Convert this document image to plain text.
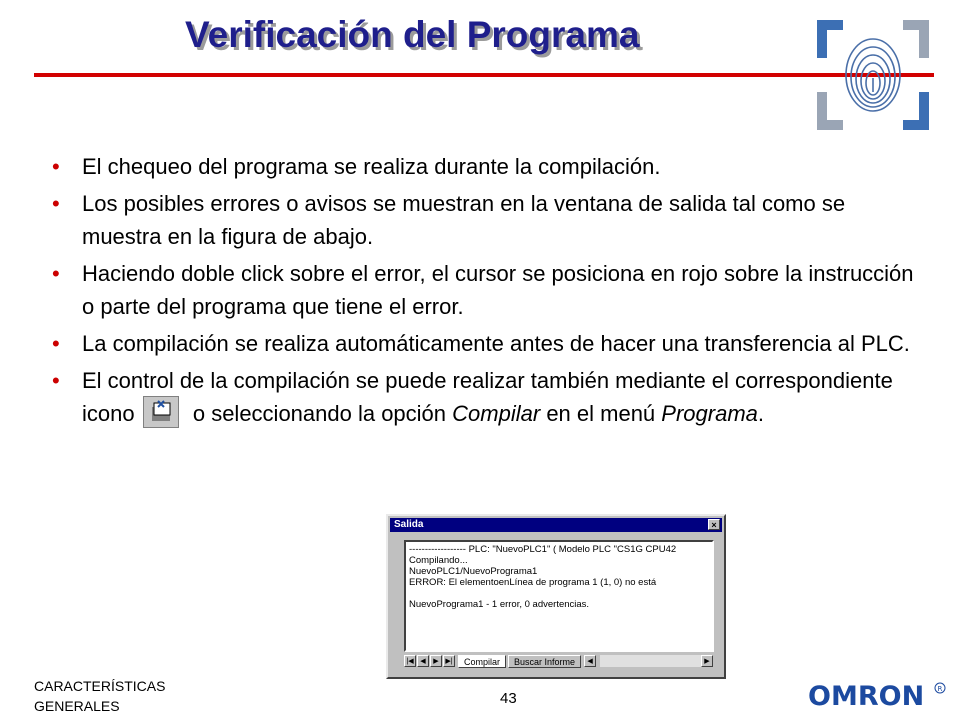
Verificación del Programa
• El chequeo del programa se realiza durante la compilación.
• Los posibles errores o avisos se muestran en la ventana de salida tal como se muestra en la figura de abajo.
• Haciendo doble click sobre el error, el cursor se posiciona en rojo sobre la instrucción o parte del programa que tiene el error.
• La compilación se realiza automáticamente antes de hacer una transferencia al PLC.
• El control de la compilación se puede realizar también mediante el correspondiente icono	o seleccionando la opción Compilar en el menú Programa.
Salida	×
------------------ PLC: "NuevoPLC1" ( Modelo PLC "CS1G CPU42
Compilando...
NuevoPLC1/NuevoPrograma1
ERROR: El elementoenLínea de programa 1 (1, 0) no está
NuevoPrograma1 - 1 error, 0 advertencias.
|◀ ◀	▶ ▶|	Compilar	Buscar Informe	◀	▶
CARACTERÍSTICAS
GENERALES	43	OMRON R
